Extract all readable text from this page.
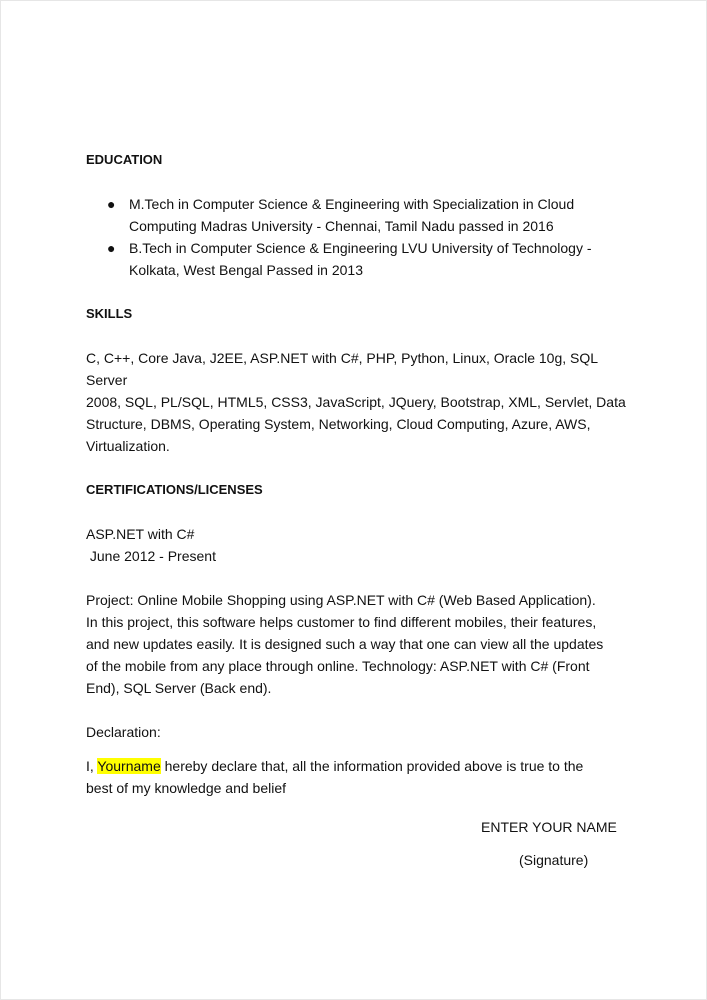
EDUCATION
● M.Tech in Computer Science & Engineering with Specialization in Cloud
Computing Madras University - Chennai, Tamil Nadu passed in 2016
● B.Tech in Computer Science & Engineering LVU University of Technology -
Kolkata, West Bengal Passed in 2013
SKILLS
C, C++, Core Java, J2EE, ASP.NET with C#, PHP, Python, Linux, Oracle 10g, SQL Server
2008, SQL, PL/SQL, HTML5, CSS3, JavaScript, JQuery, Bootstrap, XML, Servlet, Data
Structure, DBMS, Operating System, Networking, Cloud Computing, Azure, AWS,
Virtualization.
CERTIFICATIONS/LICENSES
ASP.NET with C#
June 2012 - Present
Project: Online Mobile Shopping using ASP.NET with C# (Web Based Application).
In this project, this software helps customer to find different mobiles, their features,
and new updates easily. It is designed such a way that one can view all the updates
of the mobile from any place through online. Technology: ASP.NET with C# (Front
End), SQL Server (Back end).
Declaration:
I, Yourname hereby declare that, all the information provided above is true to the
best of my knowledge and belief
ENTER YOUR NAME
(Signature)
